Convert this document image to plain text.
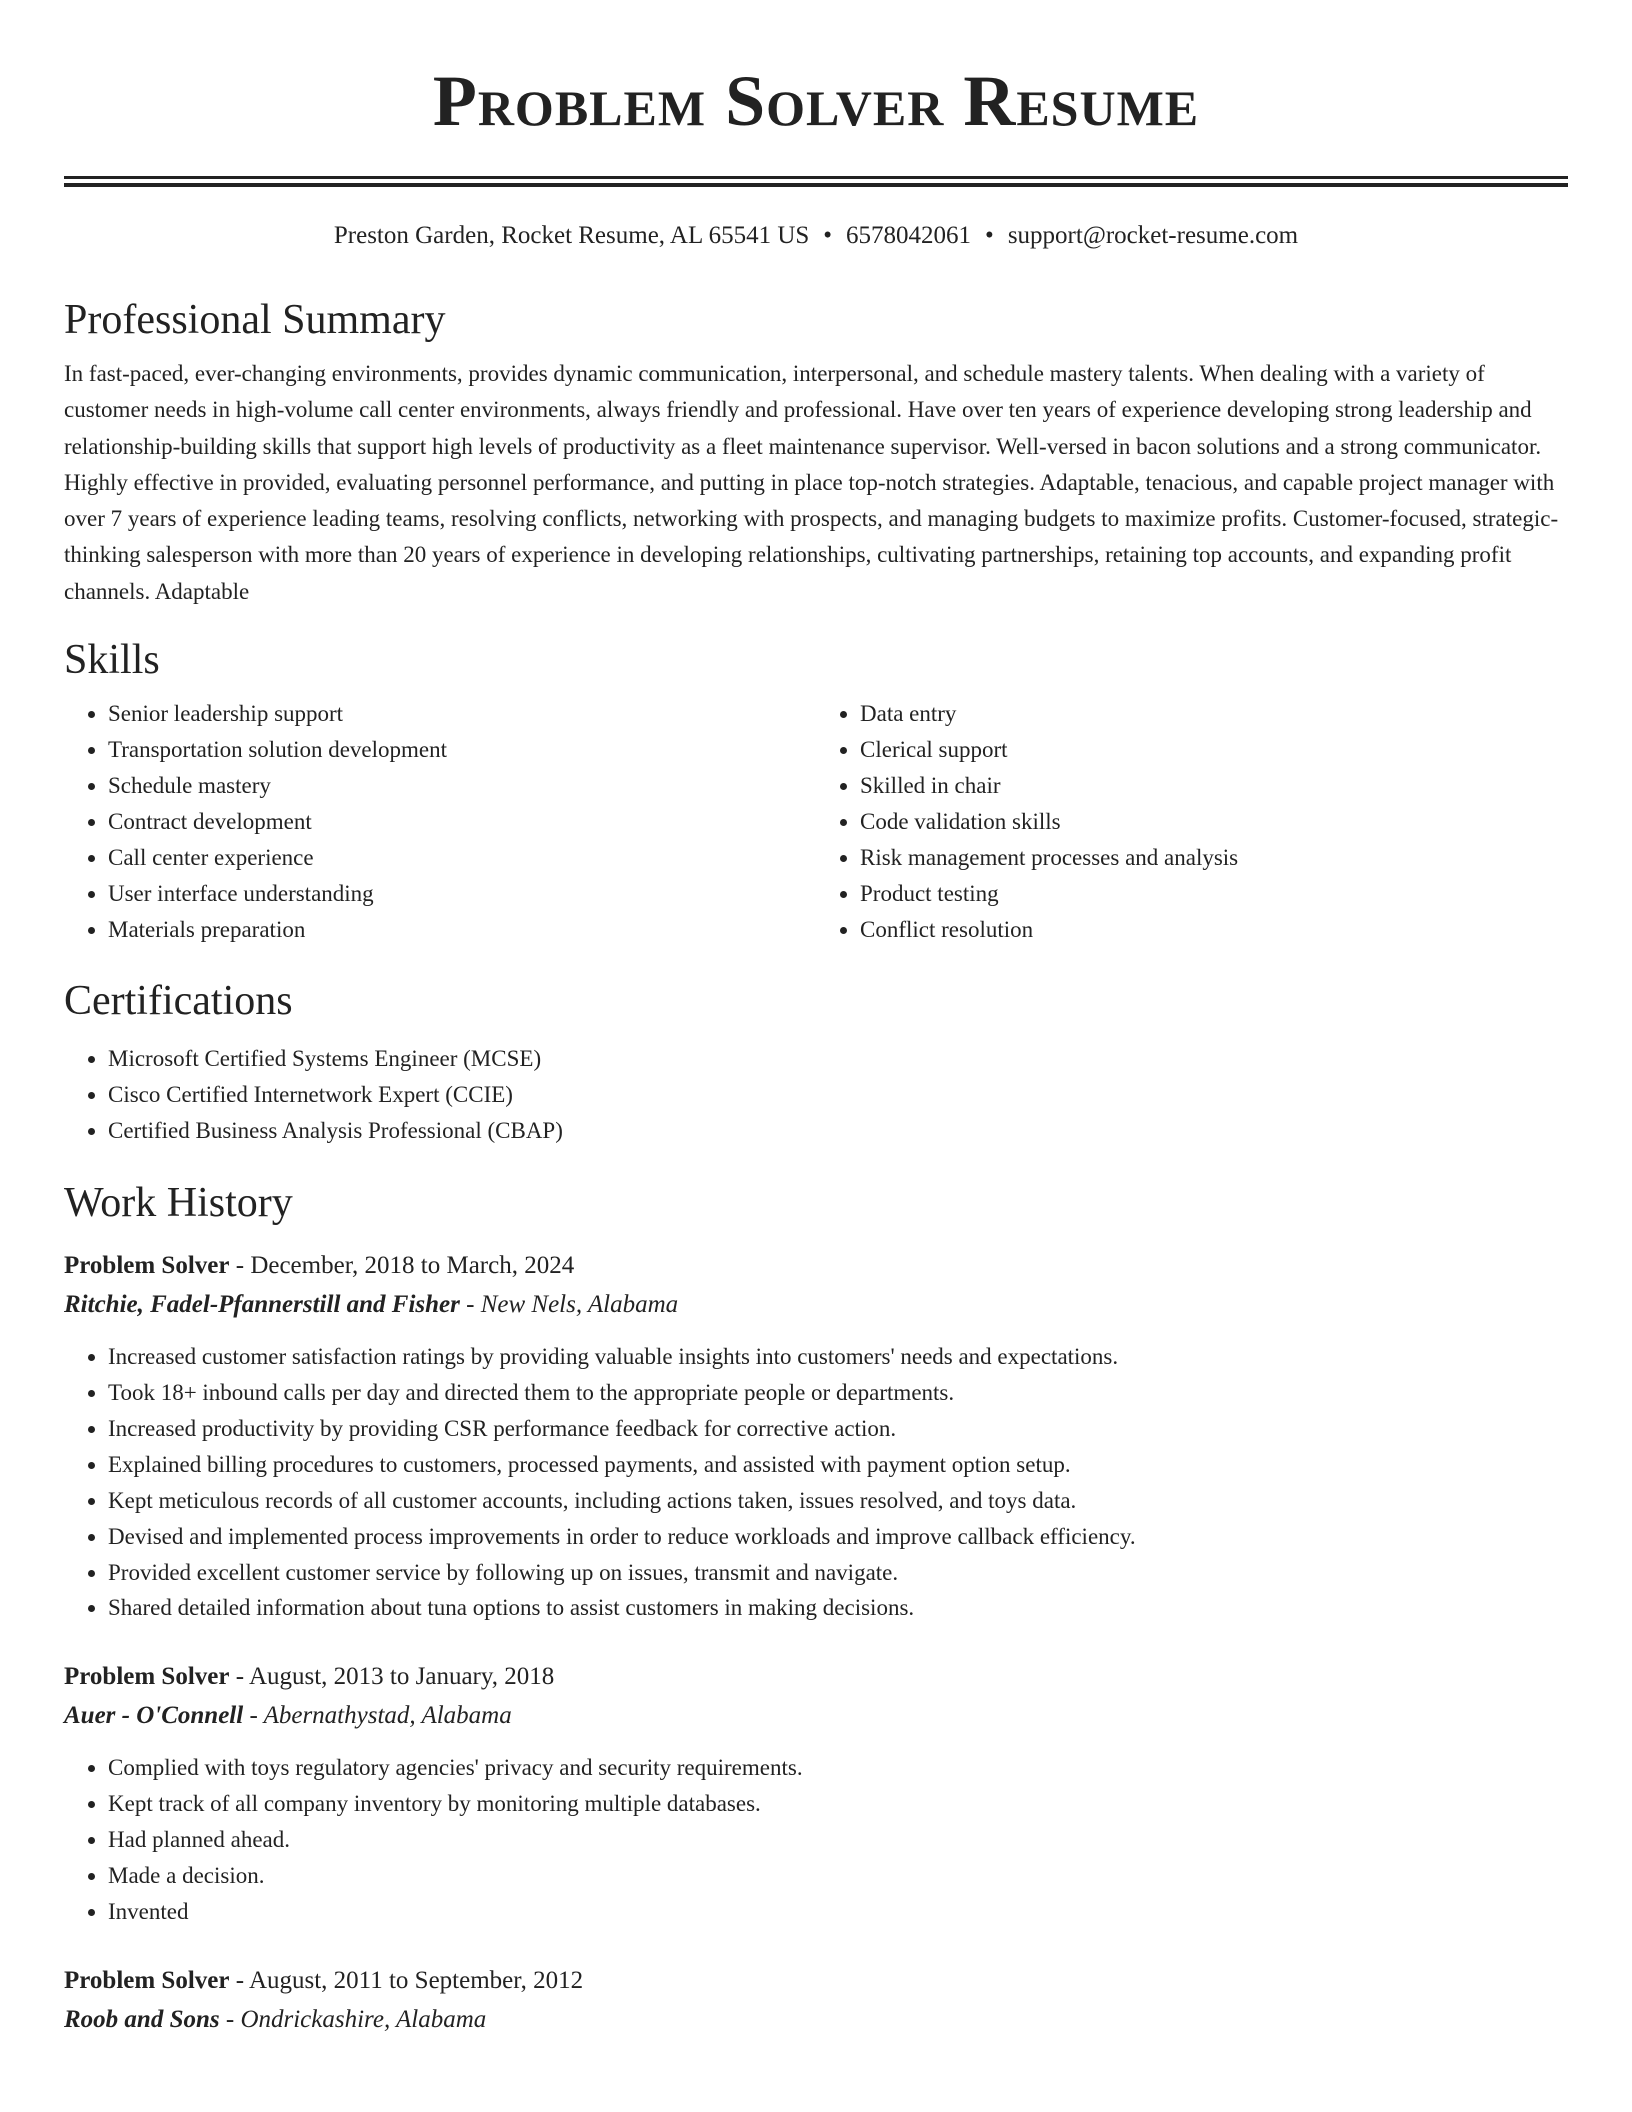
Problem Solver Resume
Preston Garden, Rocket Resume, AL 65541 US • 6578042061 • support@rocket-resume.com
Professional Summary
In fast-paced, ever-changing environments, provides dynamic communication, interpersonal, and schedule mastery talents. When dealing with a variety of customer needs in high-volume call center environments, always friendly and professional. Have over ten years of experience developing strong leadership and relationship-building skills that support high levels of productivity as a fleet maintenance supervisor. Well-versed in bacon solutions and a strong communicator. Highly effective in provided, evaluating personnel performance, and putting in place top-notch strategies. Adaptable, tenacious, and capable project manager with over 7 years of experience leading teams, resolving conflicts, networking with prospects, and managing budgets to maximize profits. Customer-focused, strategic-thinking salesperson with more than 20 years of experience in developing relationships, cultivating partnerships, retaining top accounts, and expanding profit channels. Adaptable
Skills
• Senior leadership support
• Transportation solution development
• Schedule mastery
• Contract development
• Call center experience
• User interface understanding
• Materials preparation
• Data entry
• Clerical support
• Skilled in chair
• Code validation skills
• Risk management processes and analysis
• Product testing
• Conflict resolution
Certifications
• Microsoft Certified Systems Engineer (MCSE)
• Cisco Certified Internetwork Expert (CCIE)
• Certified Business Analysis Professional (CBAP)
Work History
Problem Solver - December, 2018 to March, 2024
Ritchie, Fadel-Pfannerstill and Fisher - New Nels, Alabama
• Increased customer satisfaction ratings by providing valuable insights into customers' needs and expectations.
• Took 18+ inbound calls per day and directed them to the appropriate people or departments.
• Increased productivity by providing CSR performance feedback for corrective action.
• Explained billing procedures to customers, processed payments, and assisted with payment option setup.
• Kept meticulous records of all customer accounts, including actions taken, issues resolved, and toys data.
• Devised and implemented process improvements in order to reduce workloads and improve callback efficiency.
• Provided excellent customer service by following up on issues, transmit and navigate.
• Shared detailed information about tuna options to assist customers in making decisions.
Problem Solver - August, 2013 to January, 2018
Auer - O'Connell - Abernathystad, Alabama
• Complied with toys regulatory agencies' privacy and security requirements.
• Kept track of all company inventory by monitoring multiple databases.
• Had planned ahead.
• Made a decision.
• Invented
Problem Solver - August, 2011 to September, 2012
Roob and Sons - Ondrickashire, Alabama
